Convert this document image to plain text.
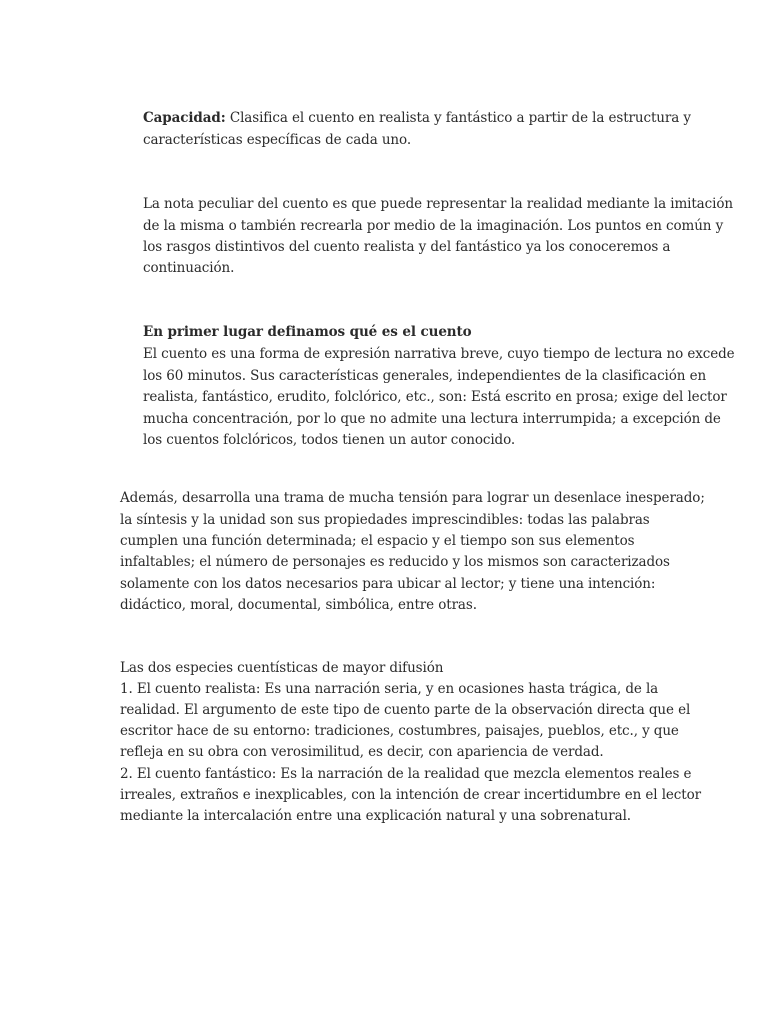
Capacidad: Clasifica el cuento en realista y fantástico a partir de la estructura y
características específicas de cada uno.
La nota peculiar del cuento es que puede representar la realidad mediante la imitación
de la misma o también recrearla por medio de la imaginación. Los puntos en común y
los rasgos distintivos del cuento realista y del fantástico ya los conoceremos a
continuación.
En primer lugar definamos qué es el cuento
El cuento es una forma de expresión narrativa breve, cuyo tiempo de lectura no excede
los 60 minutos. Sus características generales, independientes de la clasificación en
realista, fantástico, erudito, folclórico, etc., son: Está escrito en prosa; exige del lector
mucha concentración, por lo que no admite una lectura interrumpida; a excepción de
los cuentos folclóricos, todos tienen un autor conocido.
Además, desarrolla una trama de mucha tensión para lograr un desenlace inesperado;
la síntesis y la unidad son sus propiedades imprescindibles: todas las palabras
cumplen una función determinada; el espacio y el tiempo son sus elementos
infaltables; el número de personajes es reducido y los mismos son caracterizados
solamente con los datos necesarios para ubicar al lector; y tiene una intención:
didáctico, moral, documental, simbólica, entre otras.
Las dos especies cuentísticas de mayor difusión
1. El cuento realista: Es una narración seria, y en ocasiones hasta trágica, de la
realidad. El argumento de este tipo de cuento parte de la observación directa que el
escritor hace de su entorno: tradiciones, costumbres, paisajes, pueblos, etc., y que
refleja en su obra con verosimilitud, es decir, con apariencia de verdad.
2. El cuento fantástico: Es la narración de la realidad que mezcla elementos reales e
irreales, extraños e inexplicables, con la intención de crear incertidumbre en el lector
mediante la intercalación entre una explicación natural y una sobrenatural.
